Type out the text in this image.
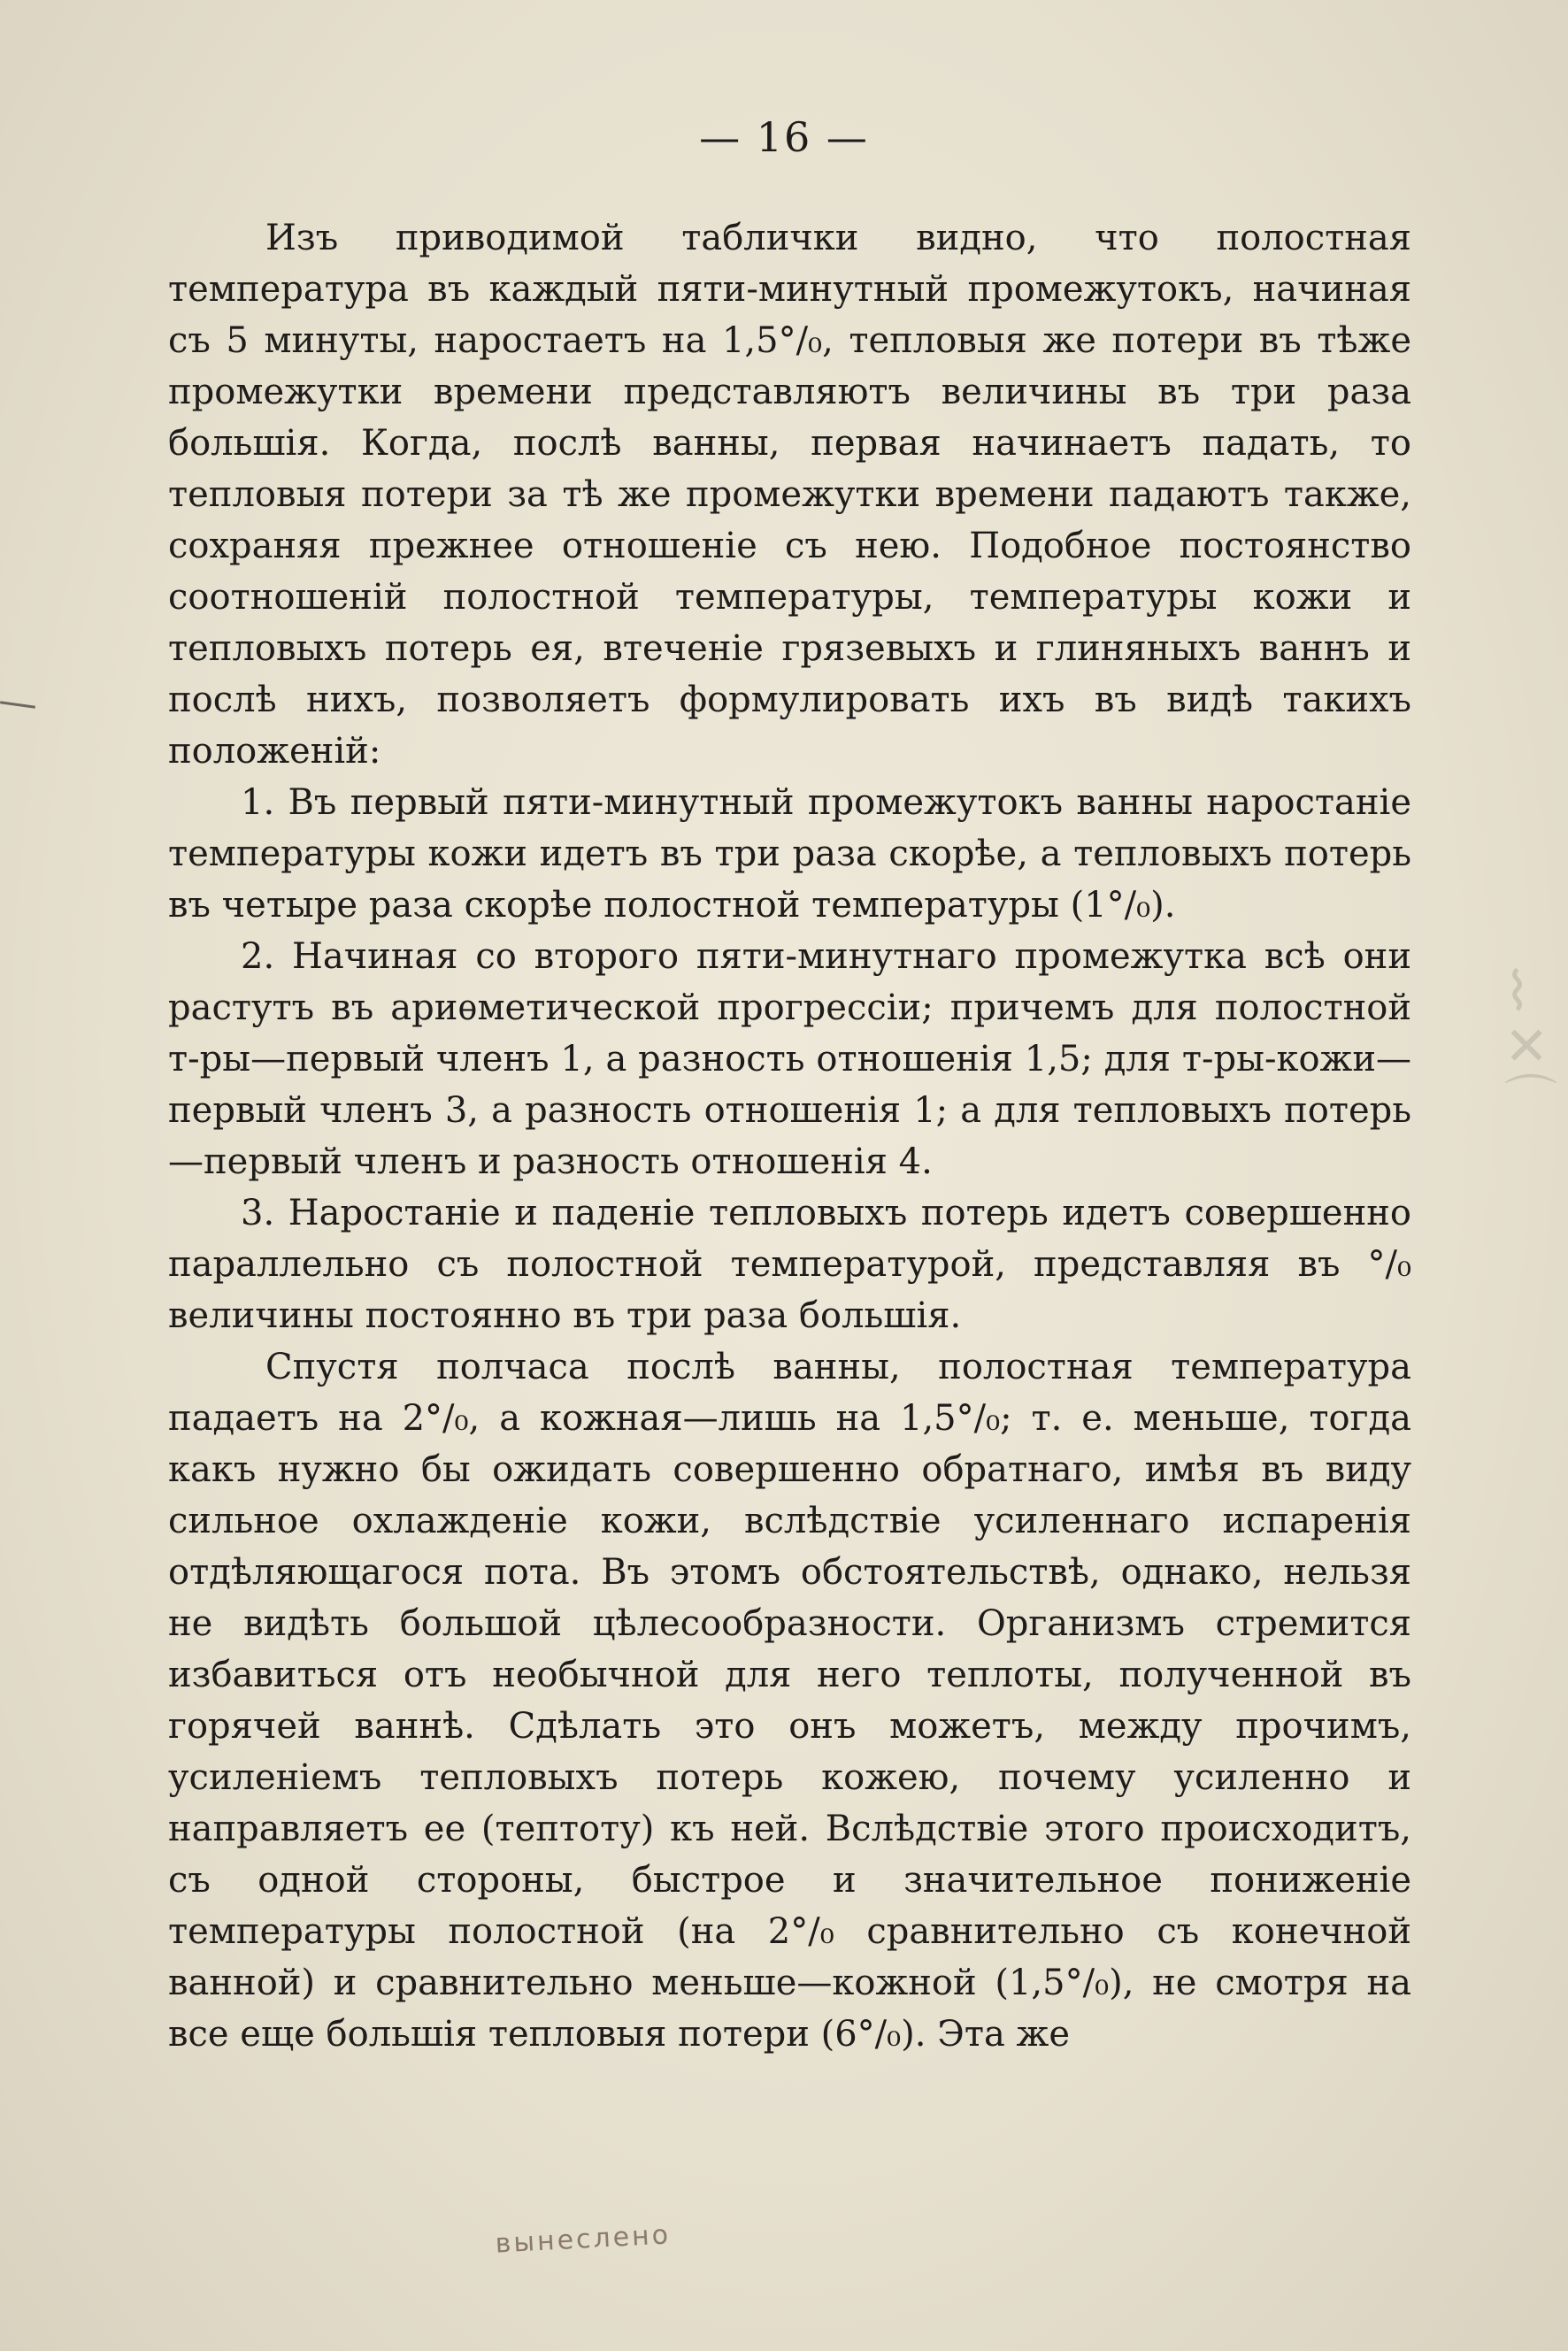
— 16 —

Изъ приводимой таблички видно, что полостная температура въ каждый пяти-минутный промежутокъ, начиная съ 5 минуты, наростаетъ на 1,5°/₀, тепловыя же потери въ тѣже промежутки времени представляютъ величины въ три раза большія. Когда, послѣ ванны, первая начинаетъ падать, то тепловыя потери за тѣ же промежутки времени падаютъ также, сохраняя прежнее отношеніе съ нею. Подобное постоянство соотношеній полостной температуры, температуры кожи и тепловыхъ потерь ея, втеченіе грязевыхъ и глиняныхъ ваннъ и послѣ нихъ, позволяетъ формулировать ихъ въ видѣ такихъ положеній:

1. Въ первый пяти-минутный промежутокъ ванны наростаніе температуры кожи идетъ въ три раза скорѣе, а тепловыхъ потерь въ четыре раза скорѣе полостной температуры (1°/₀).

2. Начиная со второго пяти-минутнаго промежутка всѣ они растутъ въ ариѳметической прогрессіи; причемъ для полостной т-ры—первый членъ 1, а разность отношенія 1,5; для т-ры-кожи—первый членъ 3, а разность отношенія 1; а для тепловыхъ потерь—первый членъ и разность отношенія 4.

3. Наростаніе и паденіе тепловыхъ потерь идетъ совершенно параллельно съ полостной температурой, представляя въ °/₀ величины постоянно въ три раза большія.

Спустя полчаса послѣ ванны, полостная температура падаетъ на 2°/₀, а кожная—лишь на 1,5°/₀; т. е. меньше, тогда какъ нужно бы ожидать совершенно обратнаго, имѣя въ виду сильное охлажденіе кожи, вслѣдствіе усиленнаго испаренія отдѣляющагося пота. Въ этомъ обстоятельствѣ, однако, нельзя не видѣть большой цѣлесообразности. Организмъ стремится избавиться отъ необычной для него теплоты, полученной въ горячей ваннѣ. Сдѣлать это онъ можетъ, между прочимъ, усиленіемъ тепловыхъ потерь кожею, почему усиленно и направляетъ ее (тептоту) къ ней. Вслѣдствіе этого происходитъ, съ одной стороны, быстрое и значительное пониженіе температуры полостной (на 2°/₀ сравнительно съ конечной ванной) и сравнительно меньше—кожной (1,5°/₀), не смотря на все еще большія тепловыя потери (6°/₀). Эта же

вынеслено
⌇
✕
⌒
